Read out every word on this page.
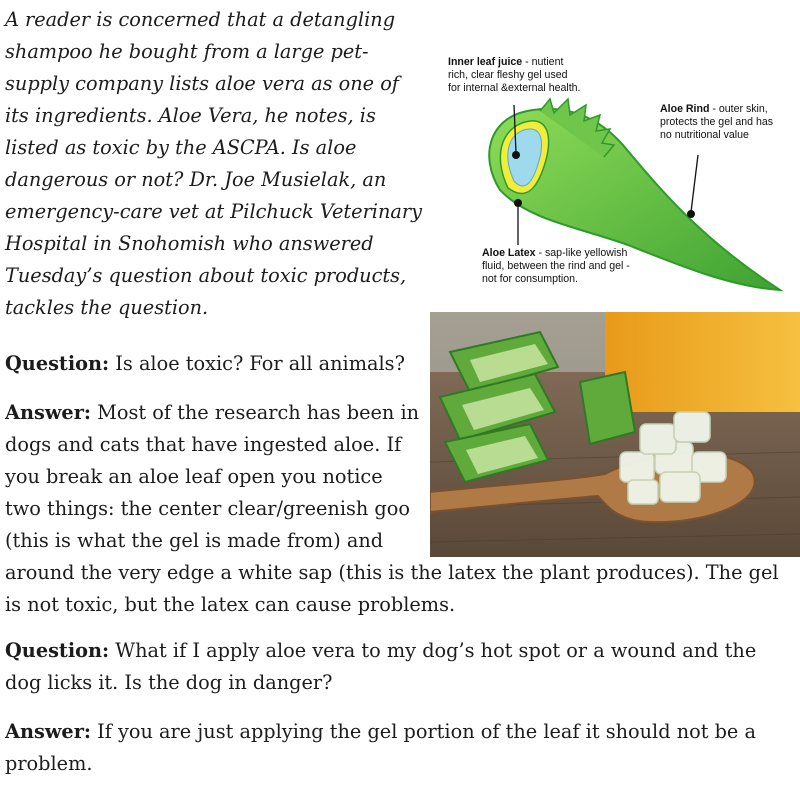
A reader is concerned that a detangling
shampoo he bought from a large pet-
supply company lists aloe vera as one of
its ingredients. Aloe Vera, he notes, is
listed as toxic by the ASCPA. Is aloe
dangerous or not? Dr. Joe Musielak, an
emergency-care vet at Pilchuck Veterinary
Hospital in Snohomish who answered
Tuesday’s question about toxic products,
tackles the question.

Question: Is aloe toxic? For all animals?

Answer: Most of the research has been in
dogs and cats that have ingested aloe. If
you break an aloe leaf open you notice
two things: the center clear/greenish goo
(this is what the gel is made from) and
around the very edge a white sap (this is the latex the plant produces). The gel
is not toxic, but the latex can cause problems.

Question: What if I apply aloe vera to my dog’s hot spot or a wound and the
dog licks it. Is the dog in danger?

Answer: If you are just applying the gel portion of the leaf it should not be a
problem.

Inner leaf juice - nutient
rich, clear fleshy gel used
for internal &external health.

Aloe Rind - outer skin,
protects the gel and has
no nutritional value

Aloe Latex - sap-like yellowish
fluid, between the rind and gel -
not for consumption.
